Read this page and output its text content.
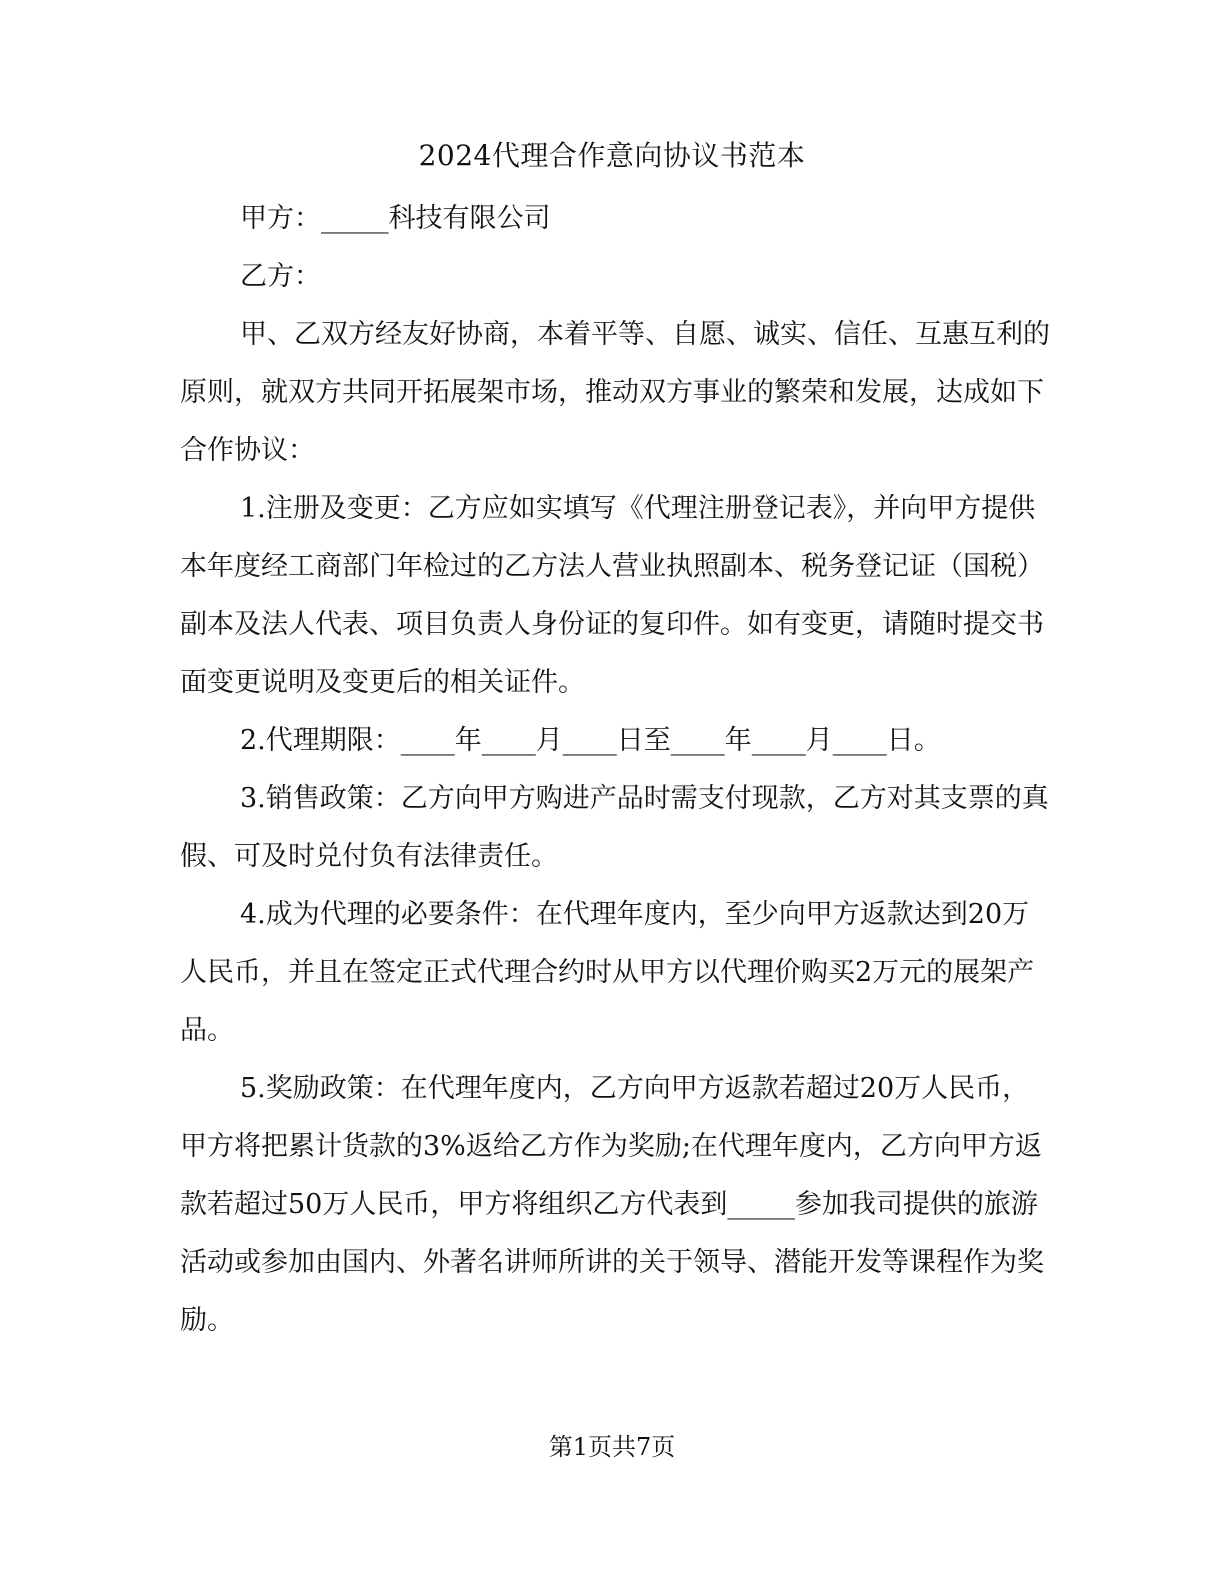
2024代理合作意向协议书范本

甲方：_____科技有限公司

乙方：

甲、乙双方经友好协商，本着平等、自愿、诚实、信任、互惠互利的原则，就双方共同开拓展架市场，推动双方事业的繁荣和发展，达成如下合作协议：

1.注册及变更：乙方应如实填写《代理注册登记表》，并向甲方提供本年度经工商部门年检过的乙方法人营业执照副本、税务登记证（国税）副本及法人代表、项目负责人身份证的复印件。如有变更，请随时提交书面变更说明及变更后的相关证件。

2.代理期限：____年____月____日至____年____月____日。

3.销售政策：乙方向甲方购进产品时需支付现款，乙方对其支票的真假、可及时兑付负有法律责任。

4.成为代理的必要条件：在代理年度内，至少向甲方返款达到20万人民币，并且在签定正式代理合约时从甲方以代理价购买2万元的展架产品。

5.奖励政策：在代理年度内，乙方向甲方返款若超过20万人民币，甲方将把累计货款的3%返给乙方作为奖励;在代理年度内，乙方向甲方返款若超过50万人民币，甲方将组织乙方代表到_____参加我司提供的旅游活动或参加由国内、外著名讲师所讲的关于领导、潜能开发等课程作为奖励。

第1页共7页
